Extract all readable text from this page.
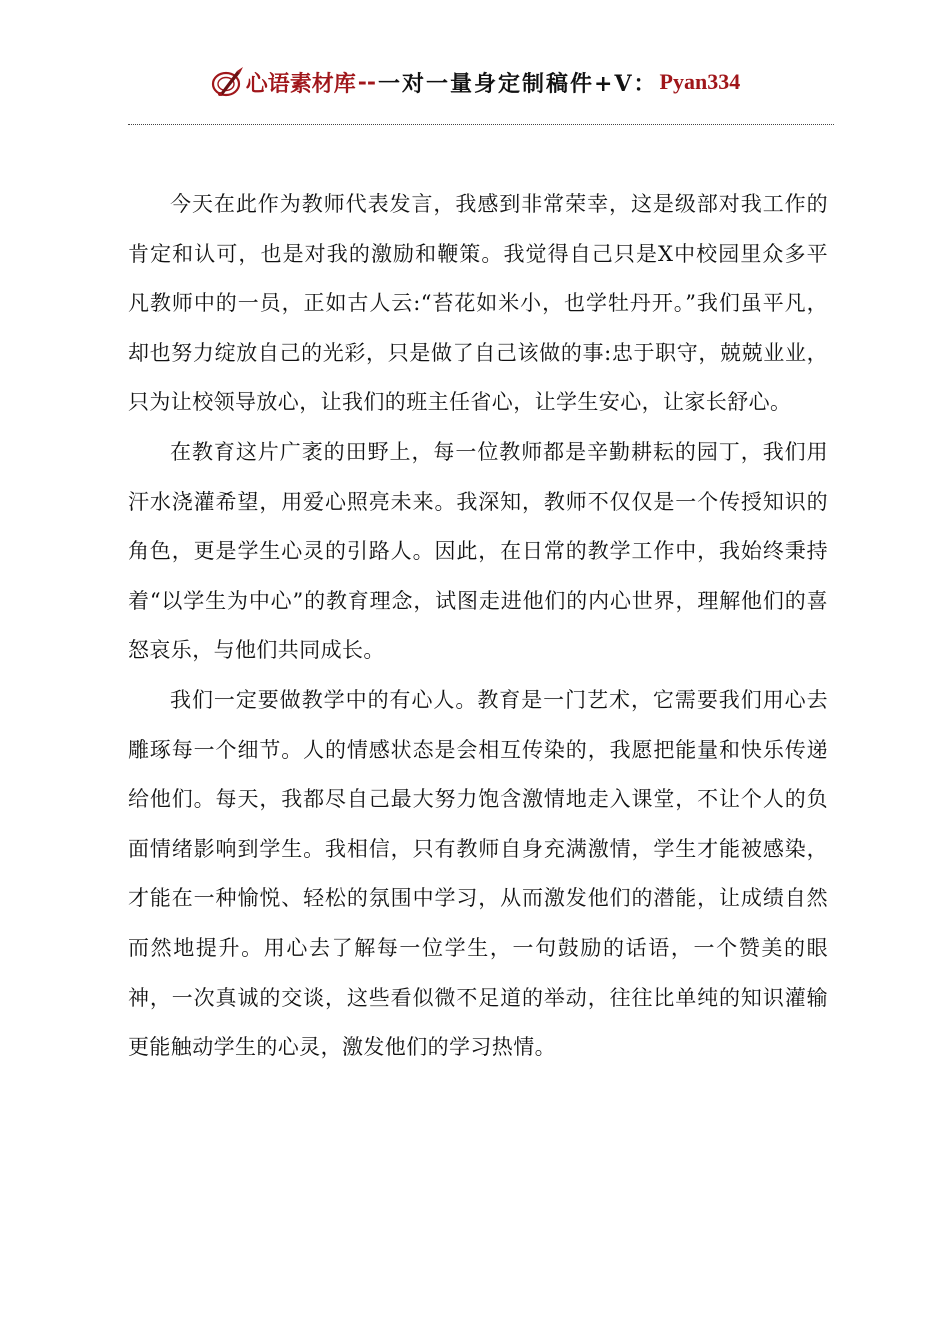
心语素材库 -- 一对一量身定制稿件+V： Pyan334

今天在此作为教师代表发言，我感到非常荣幸，这是级部对我工作的肯定和认可，也是对我的激励和鞭策。我觉得自己只是X中校园里众多平凡教师中的一员，正如古人云:“苔花如米小，也学牡丹开。”我们虽平凡，却也努力绽放自己的光彩，只是做了自己该做的事:忠于职守，兢兢业业，只为让校领导放心，让我们的班主任省心，让学生安心，让家长舒心。

在教育这片广袤的田野上，每一位教师都是辛勤耕耘的园丁，我们用汗水浇灌希望，用爱心照亮未来。我深知，教师不仅仅是一个传授知识的角色，更是学生心灵的引路人。因此，在日常的教学工作中，我始终秉持着“以学生为中心”的教育理念，试图走进他们的内心世界，理解他们的喜怒哀乐，与他们共同成长。

我们一定要做教学中的有心人。教育是一门艺术，它需要我们用心去雕琢每一个细节。人的情感状态是会相互传染的，我愿把能量和快乐传递给他们。每天，我都尽自己最大努力饱含激情地走入课堂，不让个人的负面情绪影响到学生。我相信，只有教师自身充满激情，学生才能被感染，才能在一种愉悦、轻松的氛围中学习，从而激发他们的潜能，让成绩自然而然地提升。用心去了解每一位学生，一句鼓励的话语，一个赞美的眼神，一次真诚的交谈，这些看似微不足道的举动，往往比单纯的知识灌输更能触动学生的心灵，激发他们的学习热情。
